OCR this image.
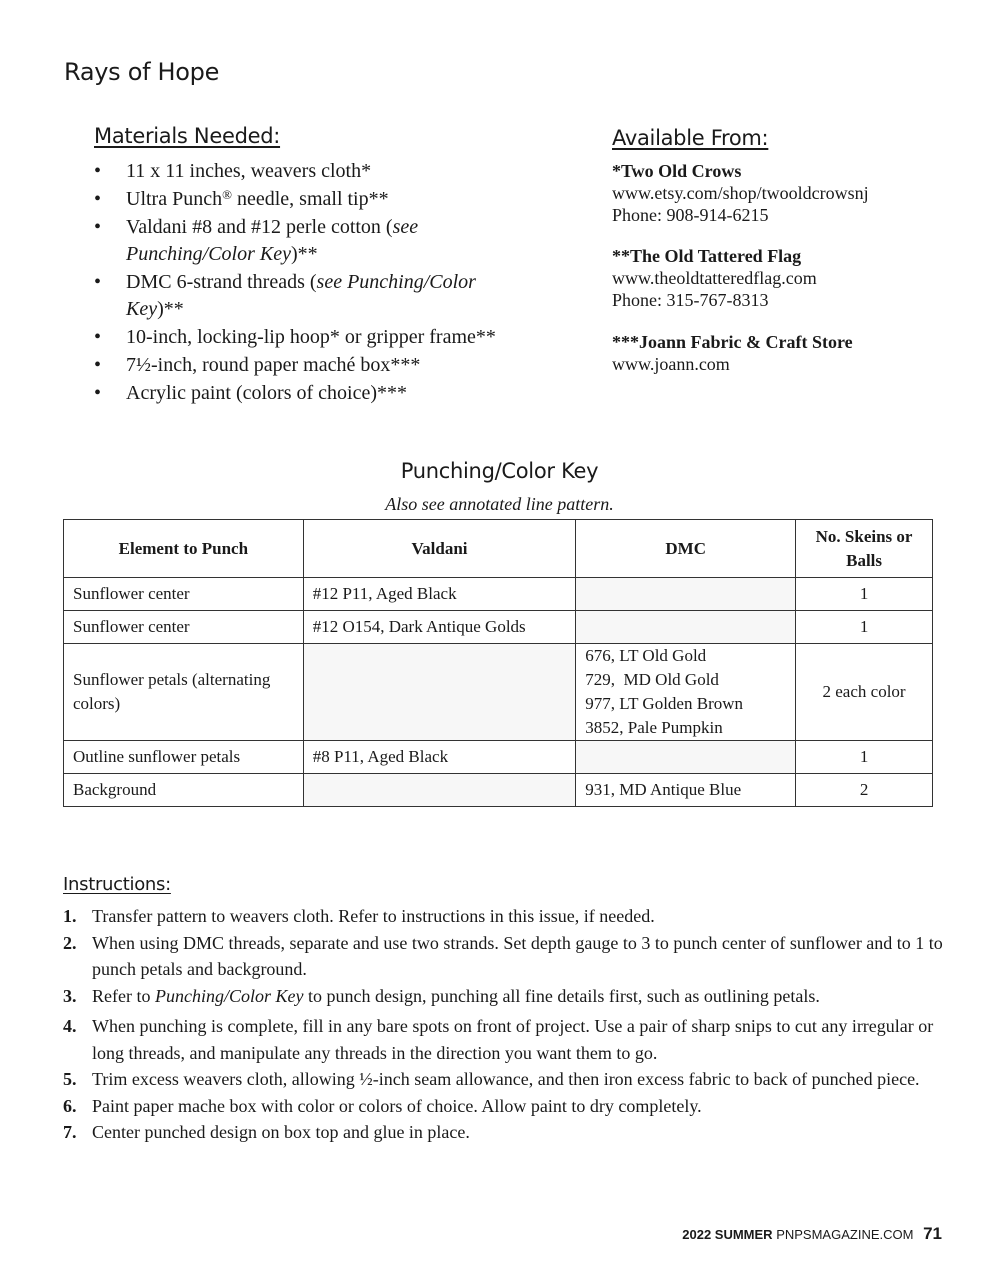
Rays of Hope
Materials Needed:
• 11 x 11 inches, weavers cloth*
• Ultra Punch® needle, small tip**
• Valdani #8 and #12 perle cotton (see Punching/Color Key)**
• DMC 6-strand threads (see Punching/Color Key)**
• 10-inch, locking-lip hoop* or gripper frame**
• 7½-inch, round paper maché box***
• Acrylic paint (colors of choice)***
Available From:
*Two Old Crows
www.etsy.com/shop/twooldcrowsnj
Phone: 908-914-6215
**The Old Tattered Flag
www.theoldtatteredflag.com
Phone: 315-767-8313
***Joann Fabric & Craft Store
www.joann.com
Punching/Color Key
Also see annotated line pattern.
Element to Punch	Valdani	DMC	No. Skeins or Balls
Sunflower center	#12 P11, Aged Black		1
Sunflower center	#12 O154, Dark Antique Golds		1
Sunflower petals (alternating colors)		676, LT Old Gold
729,  MD Old Gold
977, LT Golden Brown
3852, Pale Pumpkin	2 each color
Outline sunflower petals	#8 P11, Aged Black		1
Background		931, MD Antique Blue	2
Instructions:
1. Transfer pattern to weavers cloth. Refer to instructions in this issue, if needed.
2. When using DMC threads, separate and use two strands. Set depth gauge to 3 to punch center of sunflower and to 1 to punch petals and background.
3. Refer to Punching/Color Key to punch design, punching all fine details first, such as outlining petals.
4. When punching is complete, fill in any bare spots on front of project. Use a pair of sharp snips to cut any irregular or long threads, and manipulate any threads in the direction you want them to go.
5. Trim excess weavers cloth, allowing ½-inch seam allowance, and then iron excess fabric to back of punched piece.
6. Paint paper mache box with color or colors of choice. Allow paint to dry completely.
7. Center punched design on box top and glue in place.
2022 SUMMER PNPSMAGAZINE.COM 71
